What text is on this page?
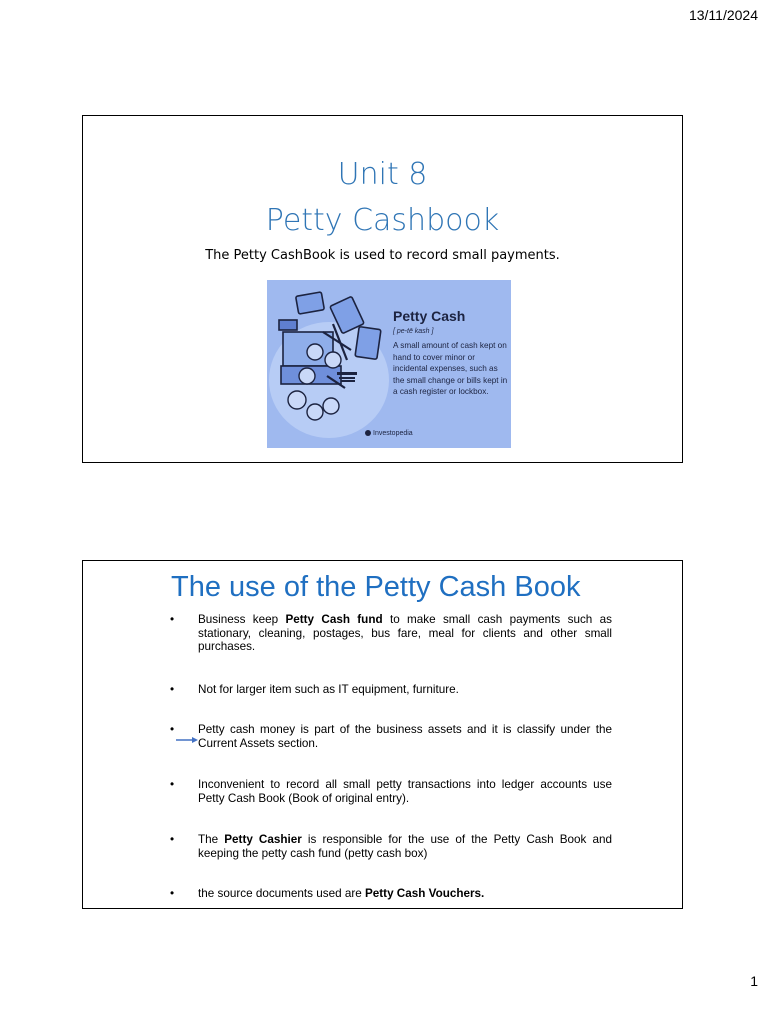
13/11/2024
Unit 8
Petty Cashbook
The Petty CashBook is used to record small payments.
Petty Cash
[ pe-tē kash ]
A small amount of cash kept on hand to cover minor or incidental expenses, such as the small change or bills kept in a cash register or lockbox.
Investopedia
The use of the Petty Cash Book
• Business keep Petty Cash fund to make small cash payments such as stationary, cleaning, postages, bus fare, meal for clients and other small purchases.
• Not for larger item such as IT equipment, furniture.
• Petty cash money is part of the business assets and it is classify under the Current Assets section.
• Inconvenient to record all small petty transactions into ledger accounts use Petty Cash Book (Book of original entry).
• The Petty Cashier is responsible for the use of the Petty Cash Book and keeping the petty cash fund (petty cash box)
• the source documents used are Petty Cash Vouchers.
1
